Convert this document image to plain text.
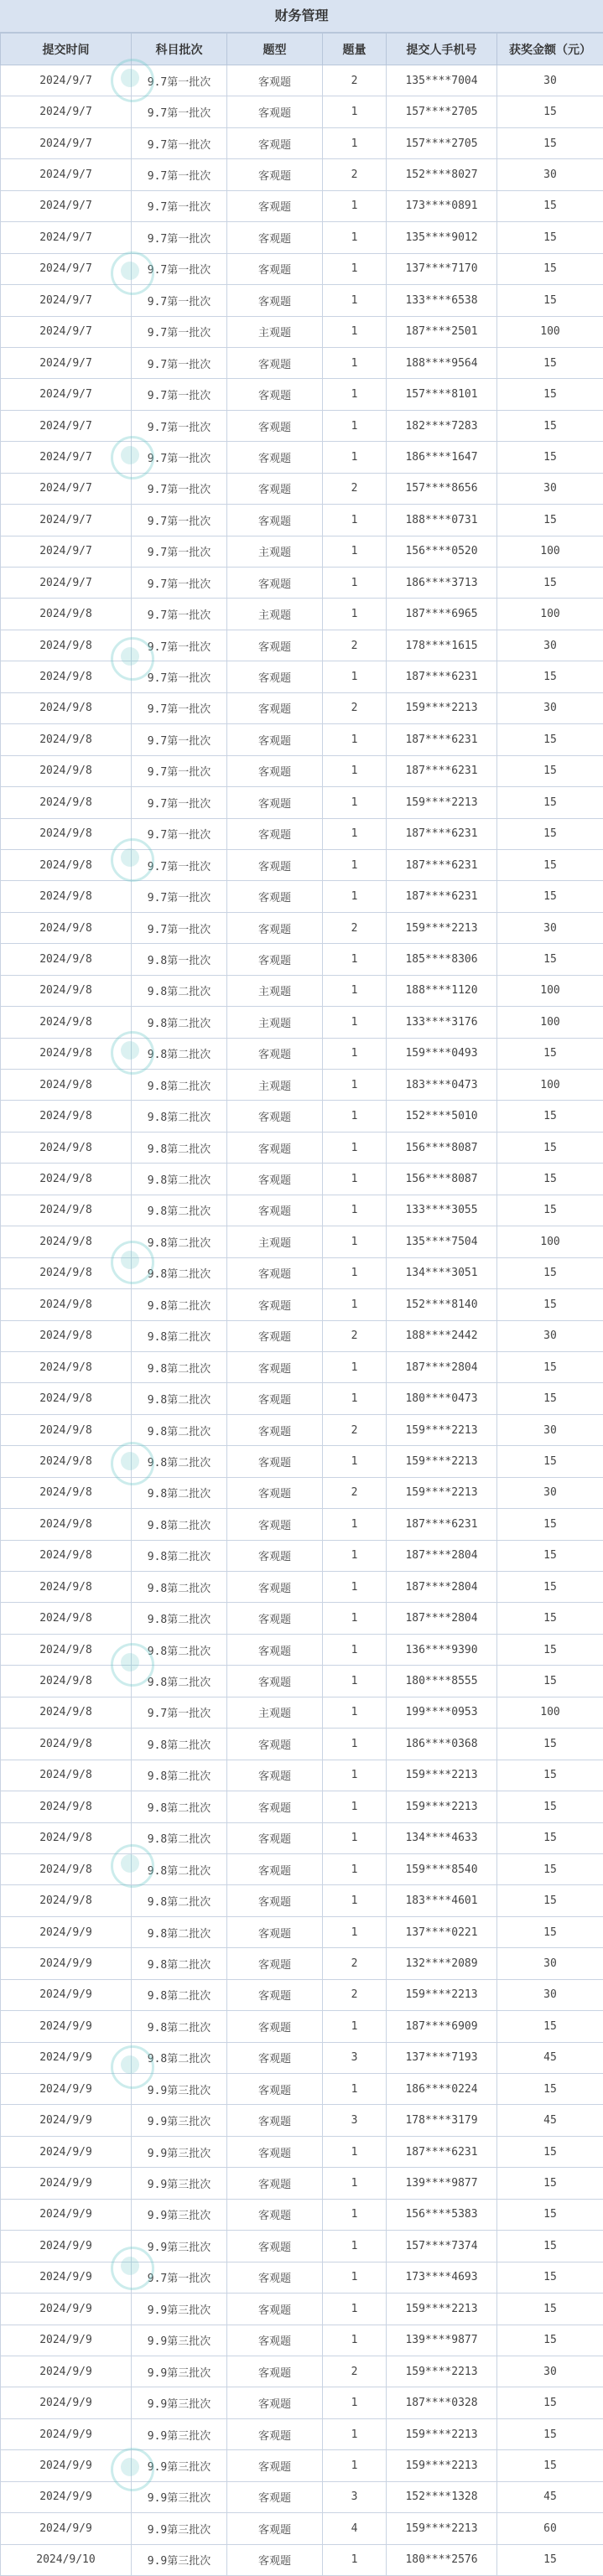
财务管理
提交时间	科目批次	题型	题量	提交人手机号	获奖金额（元）
2024/9/7	9.7第一批次	客观题	2	135****7004	30
2024/9/7	9.7第一批次	客观题	1	157****2705	15
2024/9/7	9.7第一批次	客观题	1	157****2705	15
2024/9/7	9.7第一批次	客观题	2	152****8027	30
2024/9/7	9.7第一批次	客观题	1	173****0891	15
2024/9/7	9.7第一批次	客观题	1	135****9012	15
2024/9/7	9.7第一批次	客观题	1	137****7170	15
2024/9/7	9.7第一批次	客观题	1	133****6538	15
2024/9/7	9.7第一批次	主观题	1	187****2501	100
2024/9/7	9.7第一批次	客观题	1	188****9564	15
2024/9/7	9.7第一批次	客观题	1	157****8101	15
2024/9/7	9.7第一批次	客观题	1	182****7283	15
2024/9/7	9.7第一批次	客观题	1	186****1647	15
2024/9/7	9.7第一批次	客观题	2	157****8656	30
2024/9/7	9.7第一批次	客观题	1	188****0731	15
2024/9/7	9.7第一批次	主观题	1	156****0520	100
2024/9/7	9.7第一批次	客观题	1	186****3713	15
2024/9/8	9.7第一批次	主观题	1	187****6965	100
2024/9/8	9.7第一批次	客观题	2	178****1615	30
2024/9/8	9.7第一批次	客观题	1	187****6231	15
2024/9/8	9.7第一批次	客观题	2	159****2213	30
2024/9/8	9.7第一批次	客观题	1	187****6231	15
2024/9/8	9.7第一批次	客观题	1	187****6231	15
2024/9/8	9.7第一批次	客观题	1	159****2213	15
2024/9/8	9.7第一批次	客观题	1	187****6231	15
2024/9/8	9.7第一批次	客观题	1	187****6231	15
2024/9/8	9.7第一批次	客观题	1	187****6231	15
2024/9/8	9.7第一批次	客观题	2	159****2213	30
2024/9/8	9.8第一批次	客观题	1	185****8306	15
2024/9/8	9.8第二批次	主观题	1	188****1120	100
2024/9/8	9.8第二批次	主观题	1	133****3176	100
2024/9/8	9.8第二批次	客观题	1	159****0493	15
2024/9/8	9.8第二批次	主观题	1	183****0473	100
2024/9/8	9.8第二批次	客观题	1	152****5010	15
2024/9/8	9.8第二批次	客观题	1	156****8087	15
2024/9/8	9.8第二批次	客观题	1	156****8087	15
2024/9/8	9.8第二批次	客观题	1	133****3055	15
2024/9/8	9.8第二批次	主观题	1	135****7504	100
2024/9/8	9.8第二批次	客观题	1	134****3051	15
2024/9/8	9.8第二批次	客观题	1	152****8140	15
2024/9/8	9.8第二批次	客观题	2	188****2442	30
2024/9/8	9.8第二批次	客观题	1	187****2804	15
2024/9/8	9.8第二批次	客观题	1	180****0473	15
2024/9/8	9.8第二批次	客观题	2	159****2213	30
2024/9/8	9.8第二批次	客观题	1	159****2213	15
2024/9/8	9.8第二批次	客观题	2	159****2213	30
2024/9/8	9.8第二批次	客观题	1	187****6231	15
2024/9/8	9.8第二批次	客观题	1	187****2804	15
2024/9/8	9.8第二批次	客观题	1	187****2804	15
2024/9/8	9.8第二批次	客观题	1	187****2804	15
2024/9/8	9.8第二批次	客观题	1	136****9390	15
2024/9/8	9.8第二批次	客观题	1	180****8555	15
2024/9/8	9.7第一批次	主观题	1	199****0953	100
2024/9/8	9.8第二批次	客观题	1	186****0368	15
2024/9/8	9.8第二批次	客观题	1	159****2213	15
2024/9/8	9.8第二批次	客观题	1	159****2213	15
2024/9/8	9.8第二批次	客观题	1	134****4633	15
2024/9/8	9.8第二批次	客观题	1	159****8540	15
2024/9/8	9.8第二批次	客观题	1	183****4601	15
2024/9/9	9.8第二批次	客观题	1	137****0221	15
2024/9/9	9.8第二批次	客观题	2	132****2089	30
2024/9/9	9.8第二批次	客观题	2	159****2213	30
2024/9/9	9.8第二批次	客观题	1	187****6909	15
2024/9/9	9.8第二批次	客观题	3	137****7193	45
2024/9/9	9.9第三批次	客观题	1	186****0224	15
2024/9/9	9.9第三批次	客观题	3	178****3179	45
2024/9/9	9.9第三批次	客观题	1	187****6231	15
2024/9/9	9.9第三批次	客观题	1	139****9877	15
2024/9/9	9.9第三批次	客观题	1	156****5383	15
2024/9/9	9.9第三批次	客观题	1	157****7374	15
2024/9/9	9.7第一批次	客观题	1	173****4693	15
2024/9/9	9.9第三批次	客观题	1	159****2213	15
2024/9/9	9.9第三批次	客观题	1	139****9877	15
2024/9/9	9.9第三批次	客观题	2	159****2213	30
2024/9/9	9.9第三批次	客观题	1	187****0328	15
2024/9/9	9.9第三批次	客观题	1	159****2213	15
2024/9/9	9.9第三批次	客观题	1	159****2213	15
2024/9/9	9.9第三批次	客观题	3	152****1328	45
2024/9/9	9.9第三批次	客观题	4	159****2213	60
2024/9/10	9.9第三批次	客观题	1	180****2576	15
